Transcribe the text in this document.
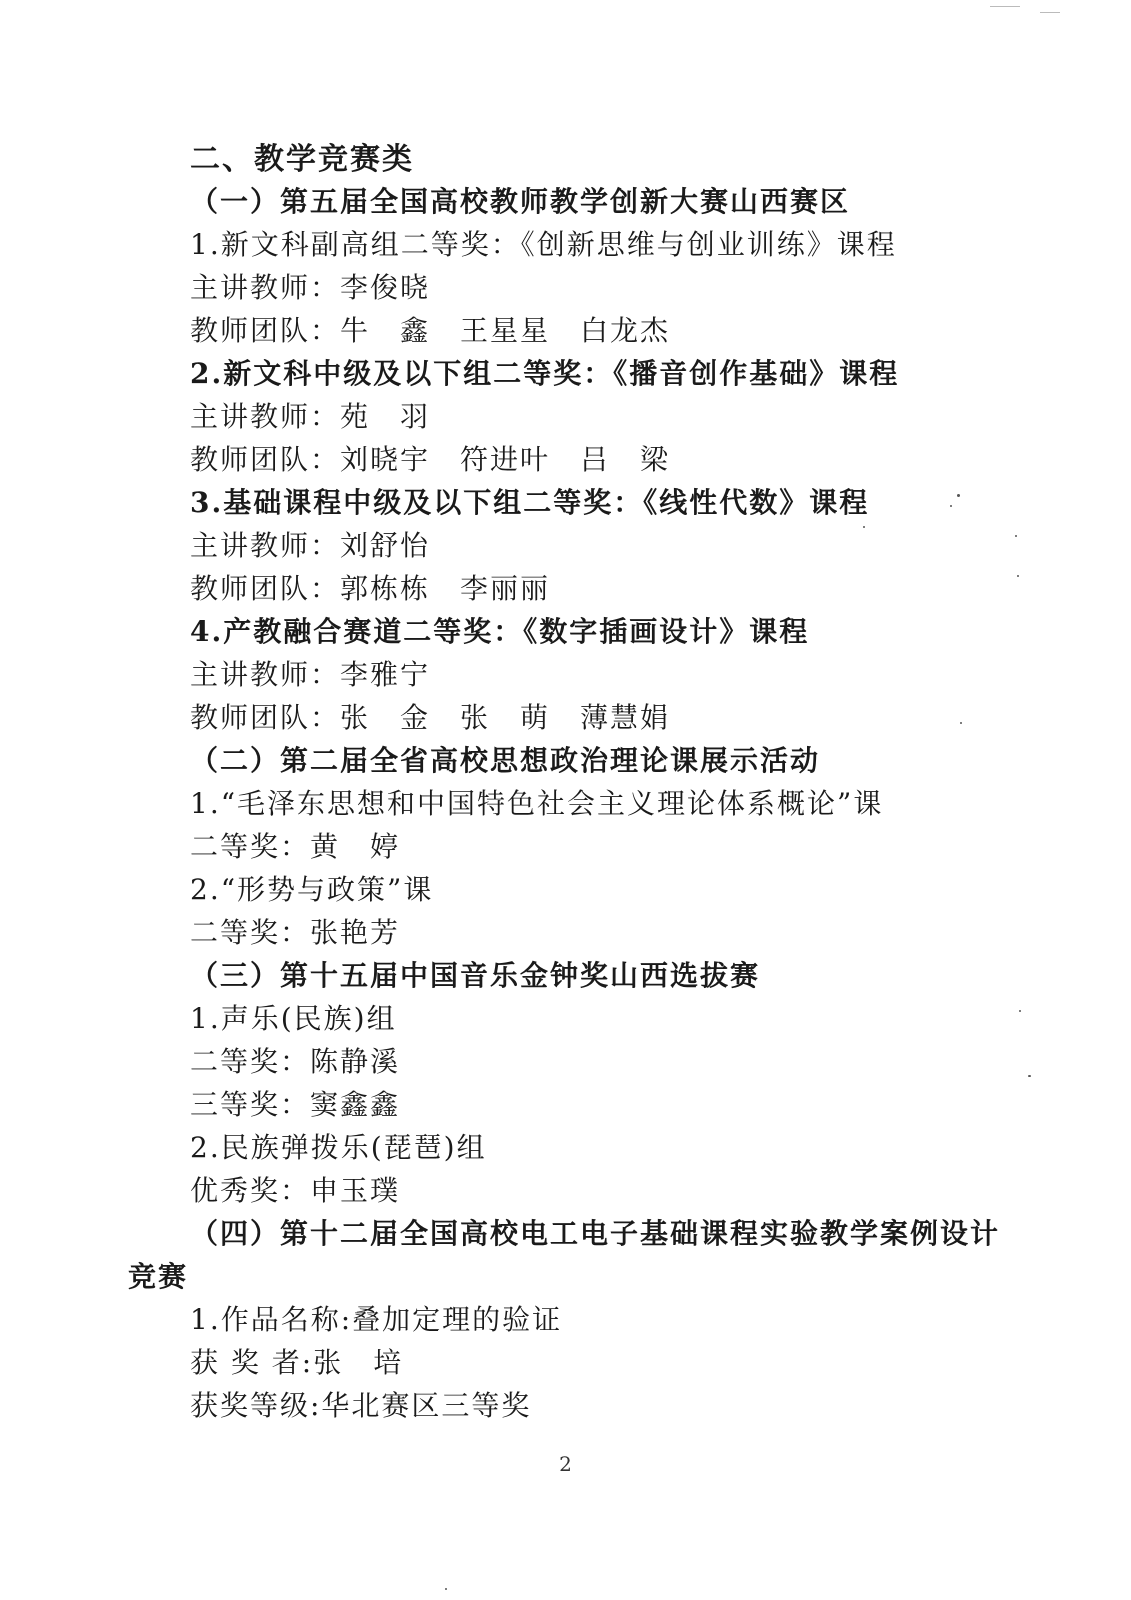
二、教学竞赛类
（一）第五届全国高校教师教学创新大赛山西赛区
1.新文科副高组二等奖：《创新思维与创业训练》课程
主讲教师：李俊晓
教师团队：牛　鑫　王星星　白龙杰
2.新文科中级及以下组二等奖：《播音创作基础》课程
主讲教师：苑　羽
教师团队：刘晓宇　符进叶　吕　梁
3.基础课程中级及以下组二等奖：《线性代数》课程
主讲教师：刘舒怡
教师团队：郭栋栋　李丽丽
4.产教融合赛道二等奖：《数字插画设计》课程
主讲教师：李雅宁
教师团队：张　金　张　萌　薄慧娟
（二）第二届全省高校思想政治理论课展示活动
1.“毛泽东思想和中国特色社会主义理论体系概论”课
二等奖：黄　婷
2.“形势与政策”课
二等奖：张艳芳
（三）第十五届中国音乐金钟奖山西选拔赛
1.声乐(民族)组
二等奖：陈静溪
三等奖：窦鑫鑫
2.民族弹拨乐(琵琶)组
优秀奖：申玉璞
（四）第十二届全国高校电工电子基础课程实验教学案例设计
竞赛
1.作品名称:叠加定理的验证
获 奖 者:张　培
获奖等级:华北赛区三等奖
2
